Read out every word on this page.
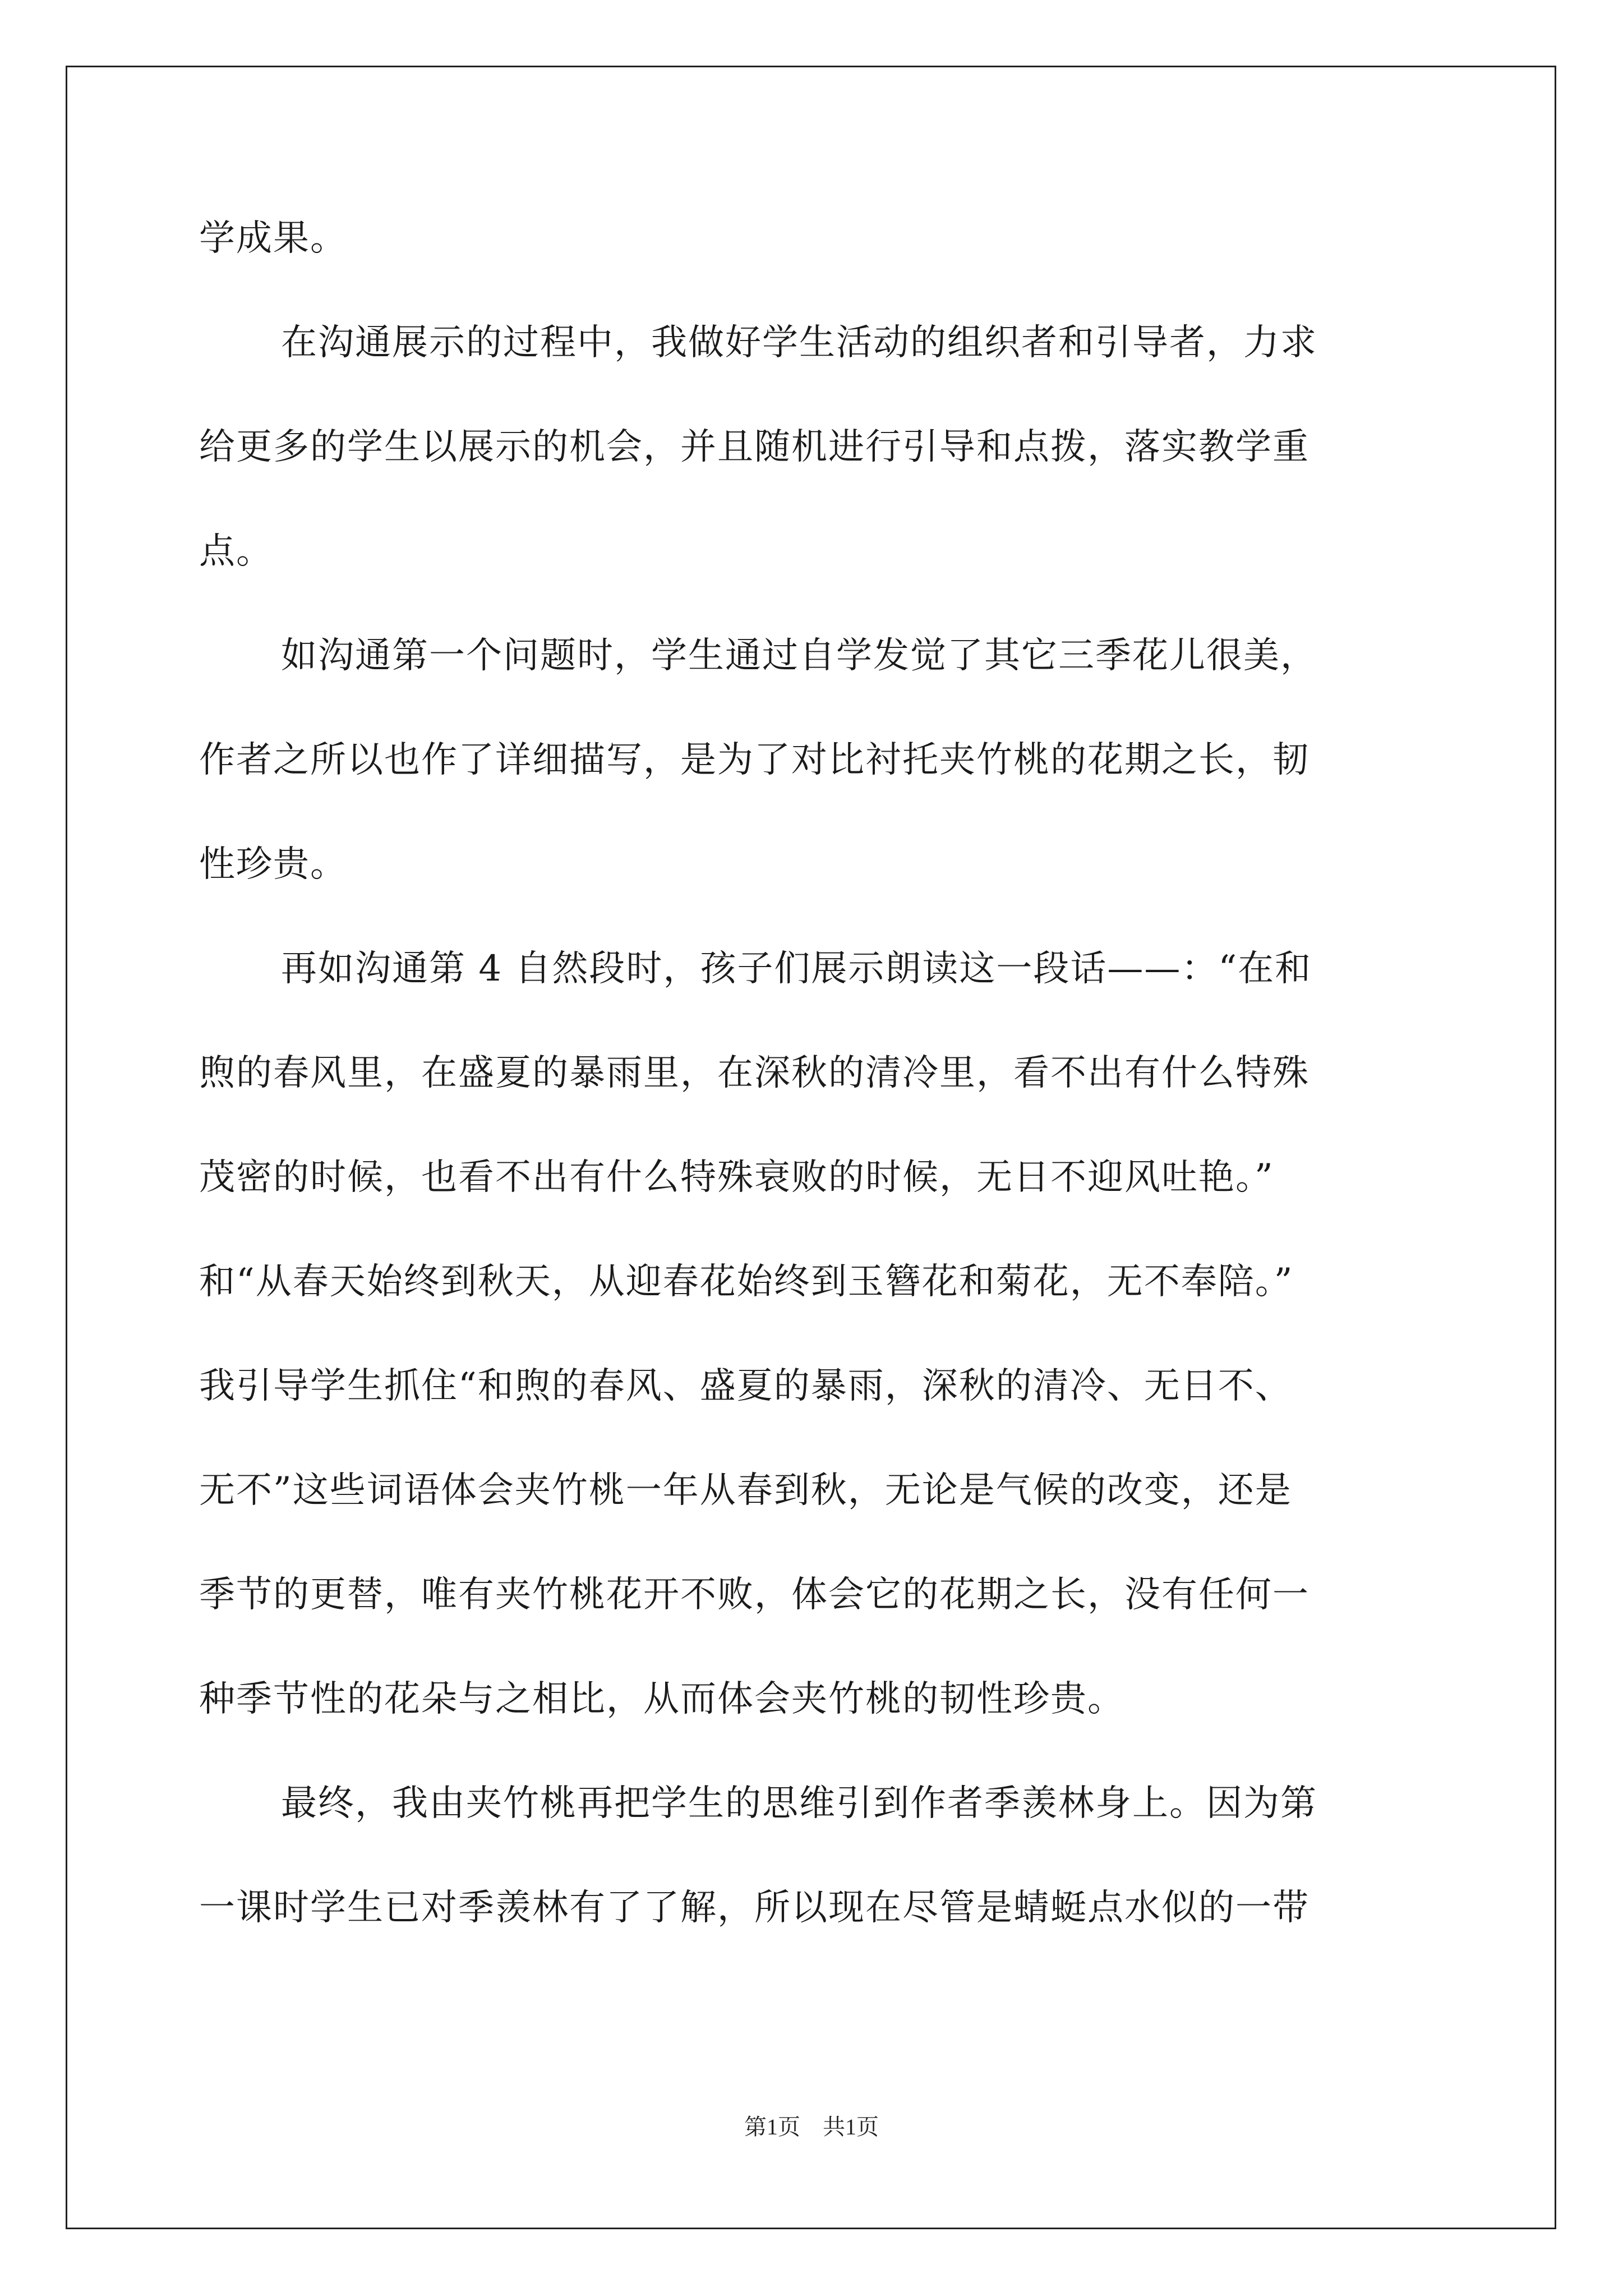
学成果。
在沟通展示的过程中，我做好学生活动的组织者和引导者，力求
给更多的学生以展示的机会，并且随机进行引导和点拨，落实教学重
点。
如沟通第一个问题时，学生通过自学发觉了其它三季花儿很美，
作者之所以也作了详细描写，是为了对比衬托夹竹桃的花期之长，韧
性珍贵。
再如沟通第 4 自然段时，孩子们展示朗读这一段话——：“在和
煦的春风里，在盛夏的暴雨里，在深秋的清冷里，看不出有什么特殊
茂密的时候，也看不出有什么特殊衰败的时候，无日不迎风吐艳。”
和“从春天始终到秋天，从迎春花始终到玉簪花和菊花，无不奉陪。”
我引导学生抓住“和煦的春风、盛夏的暴雨，深秋的清冷、无日不、
无不”这些词语体会夹竹桃一年从春到秋，无论是气候的改变，还是
季节的更替，唯有夹竹桃花开不败，体会它的花期之长，没有任何一
种季节性的花朵与之相比，从而体会夹竹桃的韧性珍贵。
最终，我由夹竹桃再把学生的思维引到作者季羡林身上。因为第
一课时学生已对季羡林有了了解，所以现在尽管是蜻蜓点水似的一带
第1页　共1页
